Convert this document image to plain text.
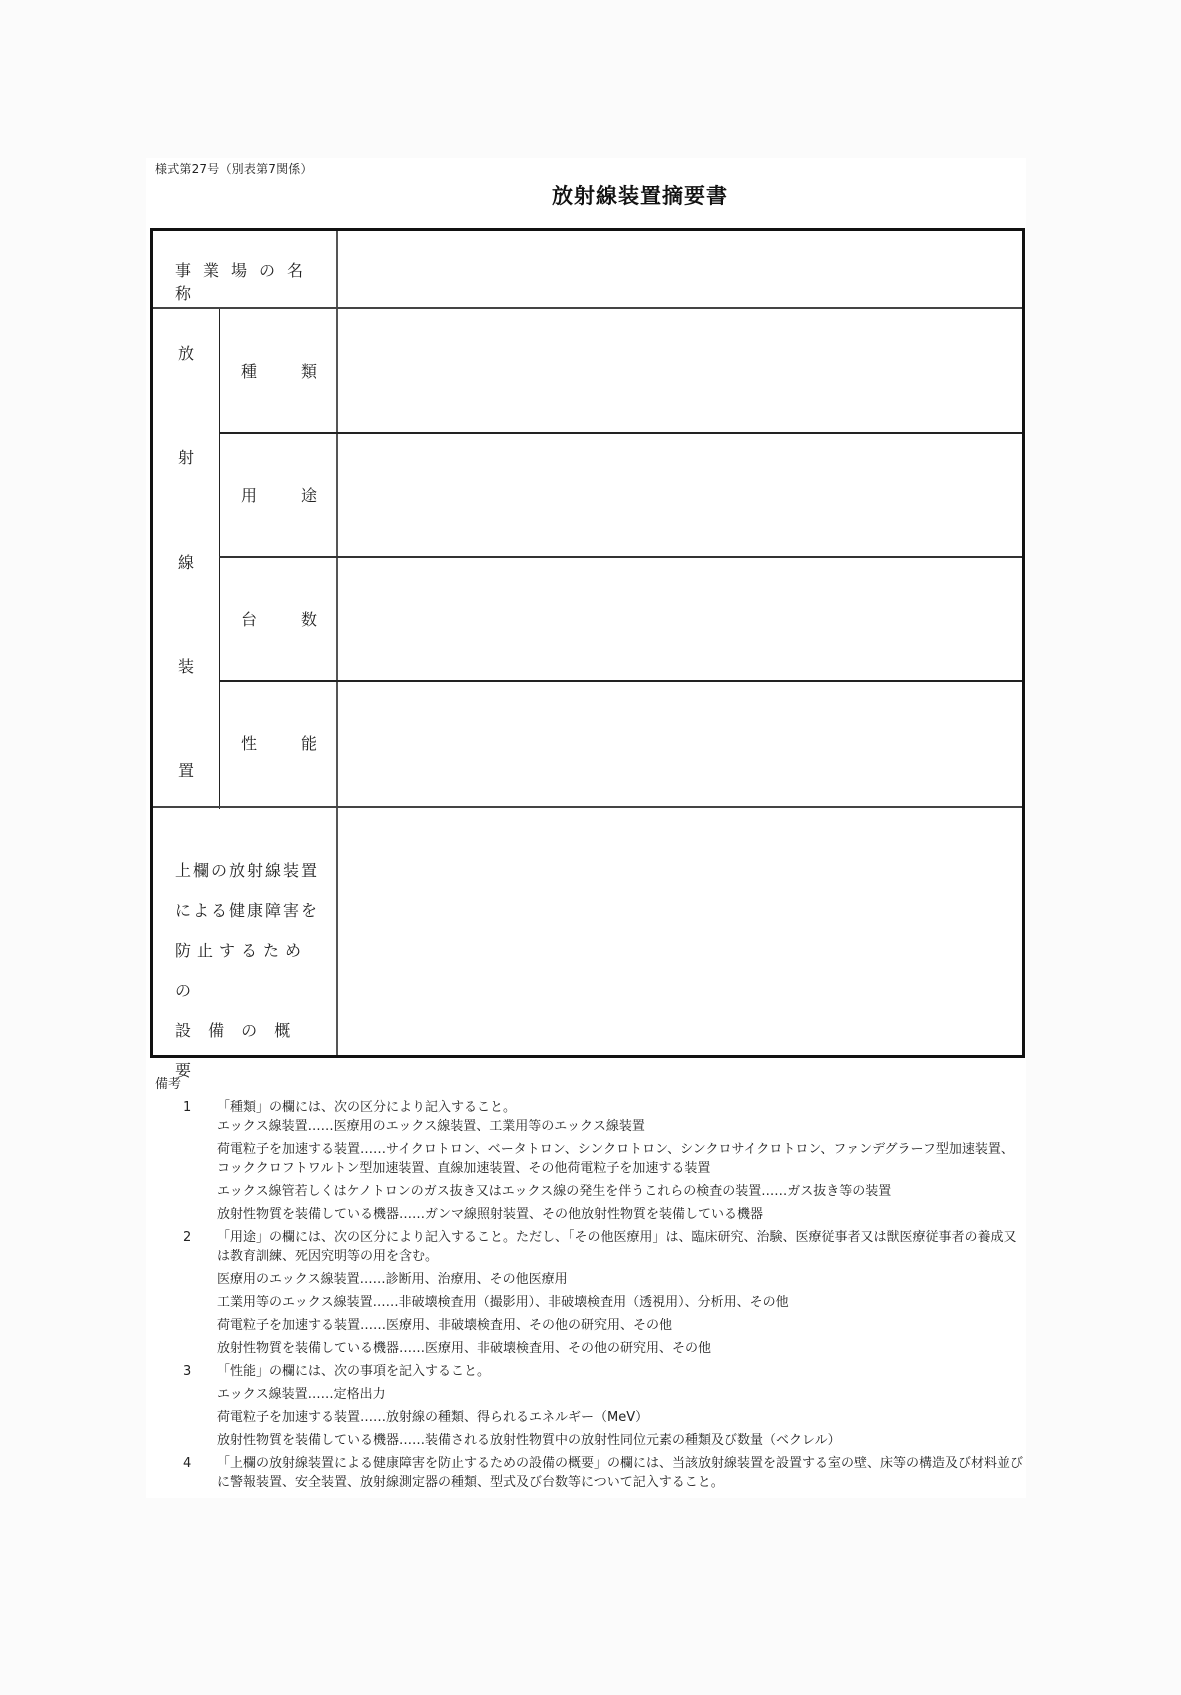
様式第27号（別表第7関係）
放射線装置摘要書
事業場の名称
放
射
線
装
置
種	類
用	途
台	数
性	能
上欄の放射線装置
による健康障害を
防止するための
設 備 の 概 要
備考
1 「種類」の欄には、次の区分により記入すること。
エックス線装置……医療用のエックス線装置、工業用等のエックス線装置
荷電粒子を加速する装置……サイクロトロン、ベータトロン、シンクロトロン、シンクロサイクロトロン、ファンデグラーフ型加速装置、コッククロフトワルトン型加速装置、直線加速装置、その他荷電粒子を加速する装置
エックス線管若しくはケノトロンのガス抜き又はエックス線の発生を伴うこれらの検査の装置……ガス抜き等の装置
放射性物質を装備している機器……ガンマ線照射装置、その他放射性物質を装備している機器
2 「用途」の欄には、次の区分により記入すること。ただし、「その他医療用」は、臨床研究、治験、医療従事者又は獣医療従事者の養成又は教育訓練、死因究明等の用を含む。
医療用のエックス線装置……診断用、治療用、その他医療用
工業用等のエックス線装置……非破壊検査用（撮影用）、非破壊検査用（透視用）、分析用、その他
荷電粒子を加速する装置……医療用、非破壊検査用、その他の研究用、その他
放射性物質を装備している機器……医療用、非破壊検査用、その他の研究用、その他
3 「性能」の欄には、次の事項を記入すること。
エックス線装置……定格出力
荷電粒子を加速する装置……放射線の種類、得られるエネルギー（MeV）
放射性物質を装備している機器……装備される放射性物質中の放射性同位元素の種類及び数量（ベクレル）
4 「上欄の放射線装置による健康障害を防止するための設備の概要」の欄には、当該放射線装置を設置する室の壁、床等の構造及び材料並びに警報装置、安全装置、放射線測定器の種類、型式及び台数等について記入すること。
